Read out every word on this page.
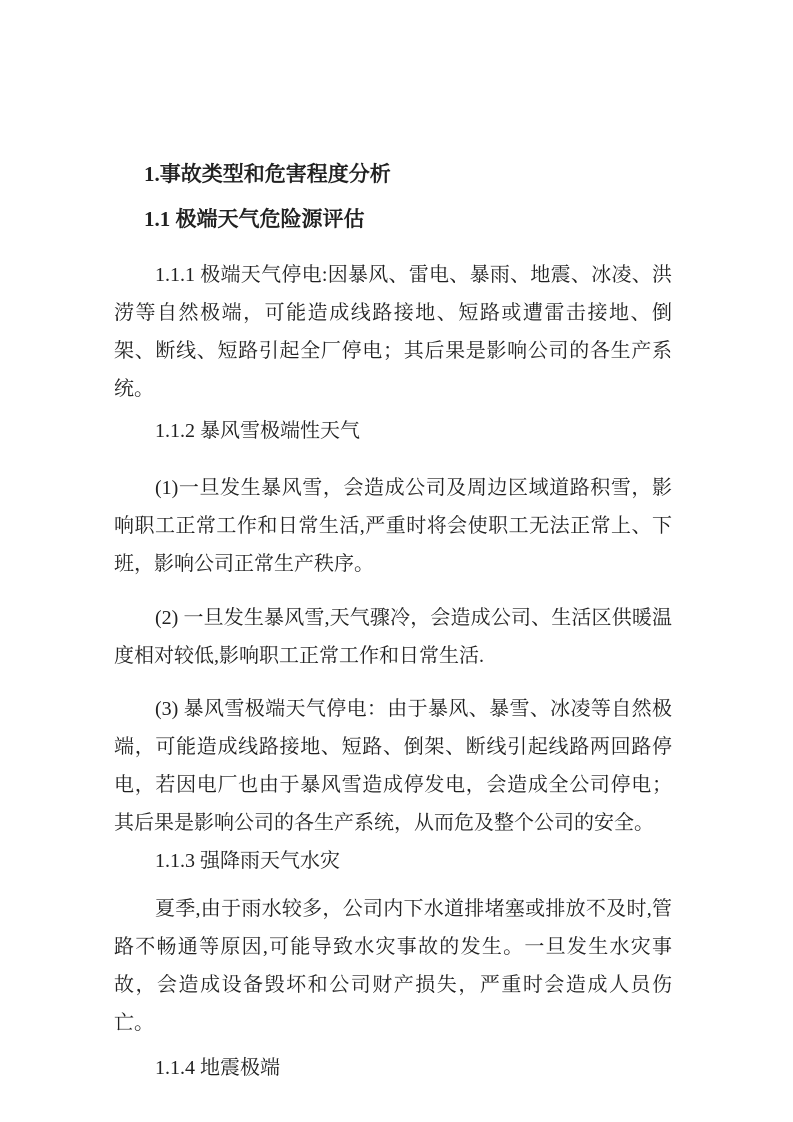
1.事故类型和危害程度分析
1.1 极端天气危险源评估

1.1.1 极端天气停电:因暴风、雷电、暴雨、地震、冰凌、洪涝等自然极端，可能造成线路接地、短路或遭雷击接地、倒架、断线、短路引起全厂停电；其后果是影响公司的各生产系统。

1.1.2 暴风雪极端性天气

(1)一旦发生暴风雪，会造成公司及周边区域道路积雪，影响职工正常工作和日常生活,严重时将会使职工无法正常上、下班，影响公司正常生产秩序。

(2) 一旦发生暴风雪,天气骤冷，会造成公司、生活区供暖温度相对较低,影响职工正常工作和日常生活.

(3) 暴风雪极端天气停电：由于暴风、暴雪、冰凌等自然极端，可能造成线路接地、短路、倒架、断线引起线路两回路停电，若因电厂也由于暴风雪造成停发电，会造成全公司停电；其后果是影响公司的各生产系统，从而危及整个公司的安全。

1.1.3 强降雨天气水灾

夏季,由于雨水较多，公司内下水道排堵塞或排放不及时,管路不畅通等原因,可能导致水灾事故的发生。一旦发生水灾事故，会造成设备毁坏和公司财产损失，严重时会造成人员伤亡。

1.1.4 地震极端
